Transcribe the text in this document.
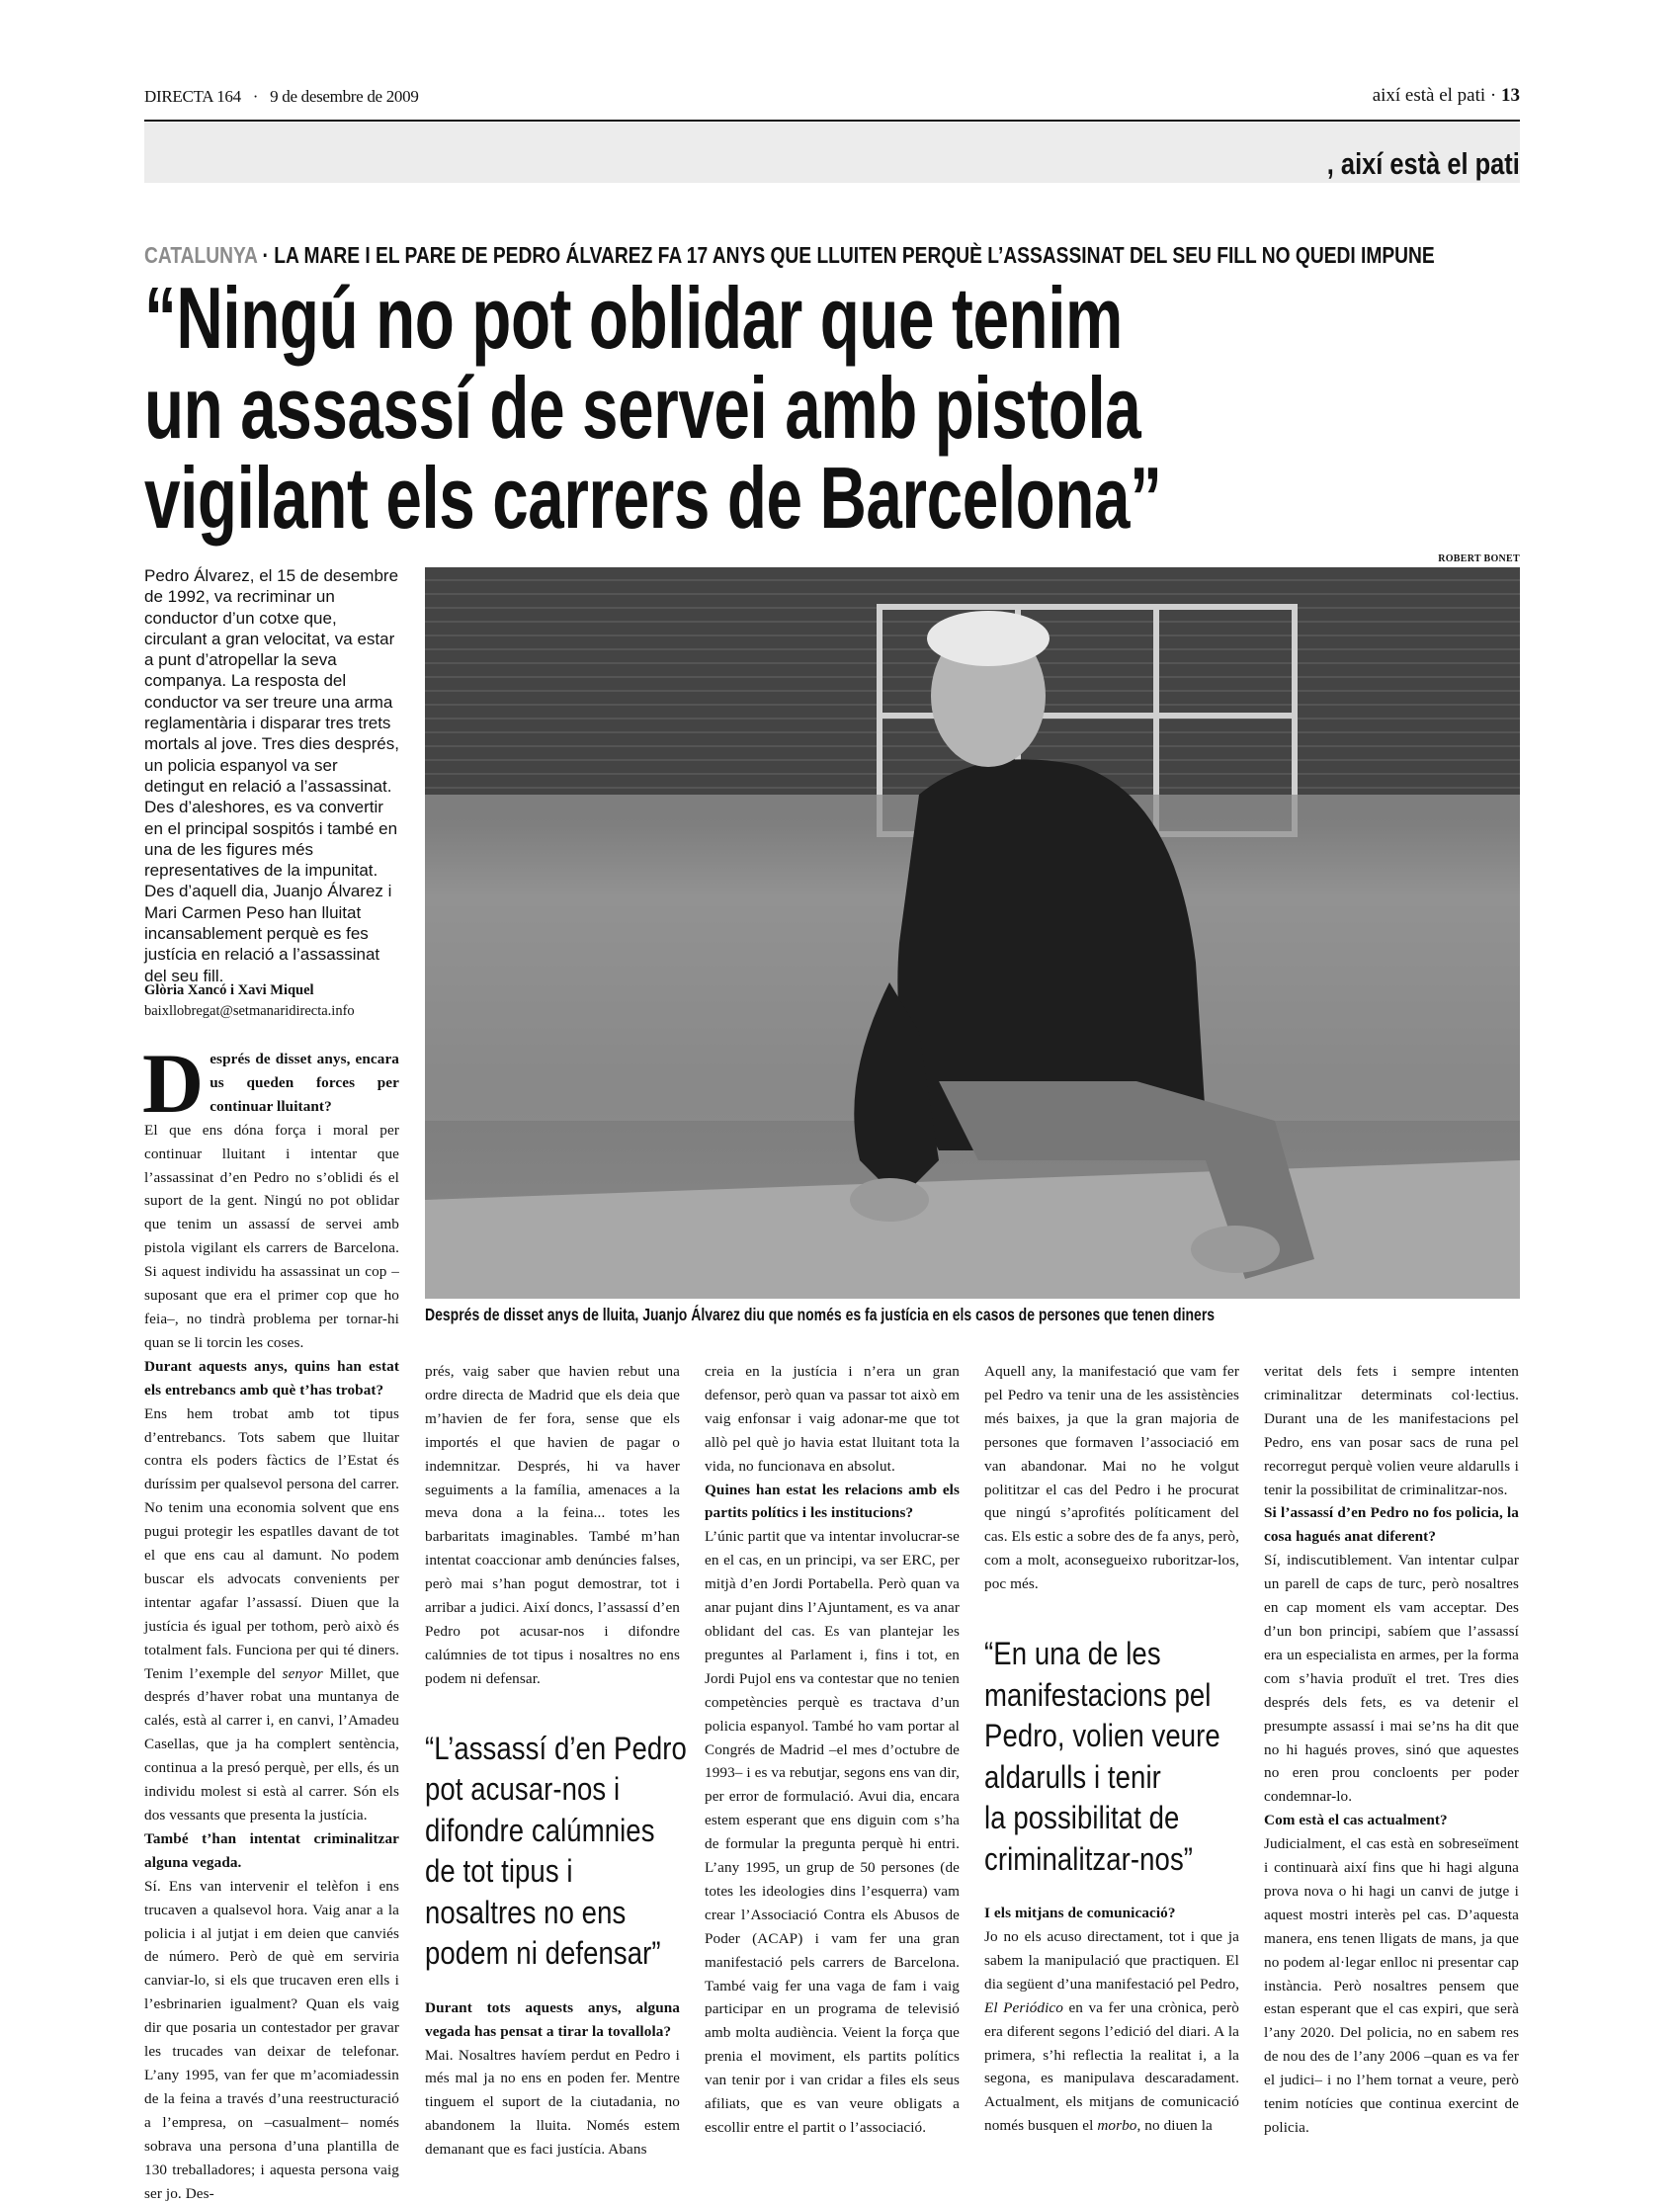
DIRECTA 164 · 9 de desembre de 2009	així està el pati · 13
, així està el pati
CATALUNYA · LA MARE I EL PARE DE PEDRO ÁLVAREZ FA 17 ANYS QUE LLUITEN PERQUÈ L’ASSASSINAT DEL SEU FILL NO QUEDI IMPUNE
“Ningú no pot oblidar que tenim
un assassí de servei amb pistola
vigilant els carrers de Barcelona”
ROBERT BONET
Després de disset anys de lluita, Juanjo Álvarez diu que només es fa justícia en els casos de persones que tenen diners
Pedro Álvarez, el 15 de desembre de 1992, va recriminar un conductor d’un cotxe que, circulant a gran velocitat, va estar a punt d’atropellar la seva companya. La resposta del conductor va ser treure una arma reglamentària i disparar tres trets mortals al jove. Tres dies després, un policia espanyol va ser detingut en relació a l’assassinat. Des d’aleshores, es va convertir en el principal sospitós i també en una de les figures més representatives de la impunitat. Des d’aquell dia, Juanjo Álvarez i Mari Carmen Peso han lluitat incansablement perquè es fes justícia en relació a l’assassinat del seu fill.
Glòria Xancó i Xavi Miquel
baixllobregat@setmanaridirecta.info

Després de disset anys, encara us queden forces per continuar lluitant?

El que ens dóna força i moral per continuar lluitant i intentar que l’assassinat d’en Pedro no s’oblidi és el suport de la gent. Ningú no pot oblidar que tenim un assassí de servei amb pistola vigilant els carrers de Barcelona. Si aquest individu ha assassinat un cop –suposant que era el primer cop que ho feia–, no tindrà problema per tornar-hi quan se li torcin les coses.

Durant aquests anys, quins han estat els entrebancs amb què t’has trobat?

Ens hem trobat amb tot tipus d’entrebancs. Tots sabem que lluitar contra els poders fàctics de l’Estat és duríssim per qualsevol persona del carrer. No tenim una economia solvent que ens pugui protegir les espatlles davant de tot el que ens cau al damunt. No podem buscar els advocats convenients per intentar agafar l’assassí. Diuen que la justícia és igual per tothom, però això és totalment fals. Funciona per qui té diners. Tenim l’exemple del senyor Millet, que després d’haver robat una muntanya de calés, està al carrer i, en canvi, l’Amadeu Casellas, que ja ha complert sentència, continua a la presó perquè, per ells, és un individu molest si està al carrer. Són els dos vessants que presenta la justícia.

També t’han intentat criminalitzar alguna vegada.

Sí. Ens van intervenir el telèfon i ens trucaven a qualsevol hora. Vaig anar a la policia i al jutjat i em deien que canviés de número. Però de què em serviria canviar-lo, si els que trucaven eren ells i l’esbrinarien igualment? Quan els vaig dir que posaria un contestador per gravar les trucades van deixar de telefonar. L’any 1995, van fer que m’acomiadessin de la feina a través d’una reestructuració a l’empresa, on –casualment– només sobrava una persona d’una plantilla de 130 treballadores; i aquesta persona vaig ser jo. Des-

prés, vaig saber que havien rebut una ordre directa de Madrid que els deia que m’havien de fer fora, sense que els importés el que havien de pagar o indemnitzar. Després, hi va haver seguiments a la família, amenaces a la meva dona a la feina... totes les barbaritats imaginables. També m’han intentat coaccionar amb denúncies falses, però mai s’han pogut demostrar, tot i arribar a judici. Així doncs, l’assassí d’en Pedro pot acusar-nos i difondre calúmnies de tot tipus i nosaltres no ens podem ni defensar.

“L’assassí d’en Pedro
pot acusar-nos i
difondre calúmnies
de tot tipus i
nosaltres no ens
podem ni defensar”

Durant tots aquests anys, alguna vegada has pensat a tirar la tovallola?

Mai. Nosaltres havíem perdut en Pedro i més mal ja no ens en poden fer. Mentre tinguem el suport de la ciutadania, no abandonem la lluita. Només estem demanant que es faci justícia. Abans

creia en la justícia i n’era un gran defensor, però quan va passar tot això em vaig enfonsar i vaig adonar-me que tot allò pel què jo havia estat lluitant tota la vida, no funcionava en absolut.

Quines han estat les relacions amb els partits polítics i les institucions?

L’únic partit que va intentar involucrar-se en el cas, en un principi, va ser ERC, per mitjà d’en Jordi Portabella. Però quan va anar pujant dins l’Ajuntament, es va anar oblidant del cas. Es van plantejar les preguntes al Parlament i, fins i tot, en Jordi Pujol ens va contestar que no tenien competències perquè es tractava d’un policia espanyol. També ho vam portar al Congrés de Madrid –el mes d’octubre de 1993– i es va rebutjar, segons ens van dir, per error de formulació. Avui dia, encara estem esperant que ens diguin com s’ha de formular la pregunta perquè hi entri. L’any 1995, un grup de 50 persones (de totes les ideologies dins l’esquerra) vam crear l’Associació Contra els Abusos de Poder (ACAP) i vam fer una gran manifestació pels carrers de Barcelona. També vaig fer una vaga de fam i vaig participar en un programa de televisió amb molta audiència. Veient la força que prenia el moviment, els partits polítics van tenir por i van cridar a files els seus afiliats, que es van veure obligats a escollir entre el partit o l’associació.

Aquell any, la manifestació que vam fer pel Pedro va tenir una de les assistències més baixes, ja que la gran majoria de persones que formaven l’associació em van abandonar. Mai no he volgut polititzar el cas del Pedro i he procurat que ningú s’aprofités políticament del cas. Els estic a sobre des de fa anys, però, com a molt, aconsegueixo ruboritzar-los, poc més.

“En una de les
manifestacions pel
Pedro, volien veure
aldarulls i tenir
la possibilitat de
criminalitzar-nos”

I els mitjans de comunicació?

Jo no els acuso directament, tot i que ja sabem la manipulació que practiquen. El dia següent d’una manifestació pel Pedro, El Periódico en va fer una crònica, però era diferent segons l’edició del diari. A la primera, s’hi reflectia la realitat i, a la segona, es manipulava descaradament. Actualment, els mitjans de comunicació només busquen el morbo, no diuen la

veritat dels fets i sempre intenten criminalitzar determinats col·lectius. Durant una de les manifestacions pel Pedro, ens van posar sacs de runa pel recorregut perquè volien veure aldarulls i tenir la possibilitat de criminalitzar-nos.

Si l’assassí d’en Pedro no fos policia, la cosa hagués anat diferent?

Sí, indiscutiblement. Van intentar culpar un parell de caps de turc, però nosaltres en cap moment els vam acceptar. Des d’un bon principi, sabíem que l’assassí era un especialista en armes, per la forma com s’havia produït el tret. Tres dies després dels fets, es va detenir el presumpte assassí i mai se’ns ha dit que no hi hagués proves, sinó que aquestes no eren prou concloents per poder condemnar-lo.

Com està el cas actualment?

Judicialment, el cas està en sobreseïment i continuarà així fins que hi hagi alguna prova nova o hi hagi un canvi de jutge i aquest mostri interès pel cas. D’aquesta manera, ens tenen lligats de mans, ja que no podem al·legar enlloc ni presentar cap instància. Però nosaltres pensem que estan esperant que el cas expiri, que serà l’any 2020. Del policia, no en sabem res de nou des de l’any 2006 –quan es va fer el judici– i no l’hem tornat a veure, però tenim notícies que continua exercint de policia.
